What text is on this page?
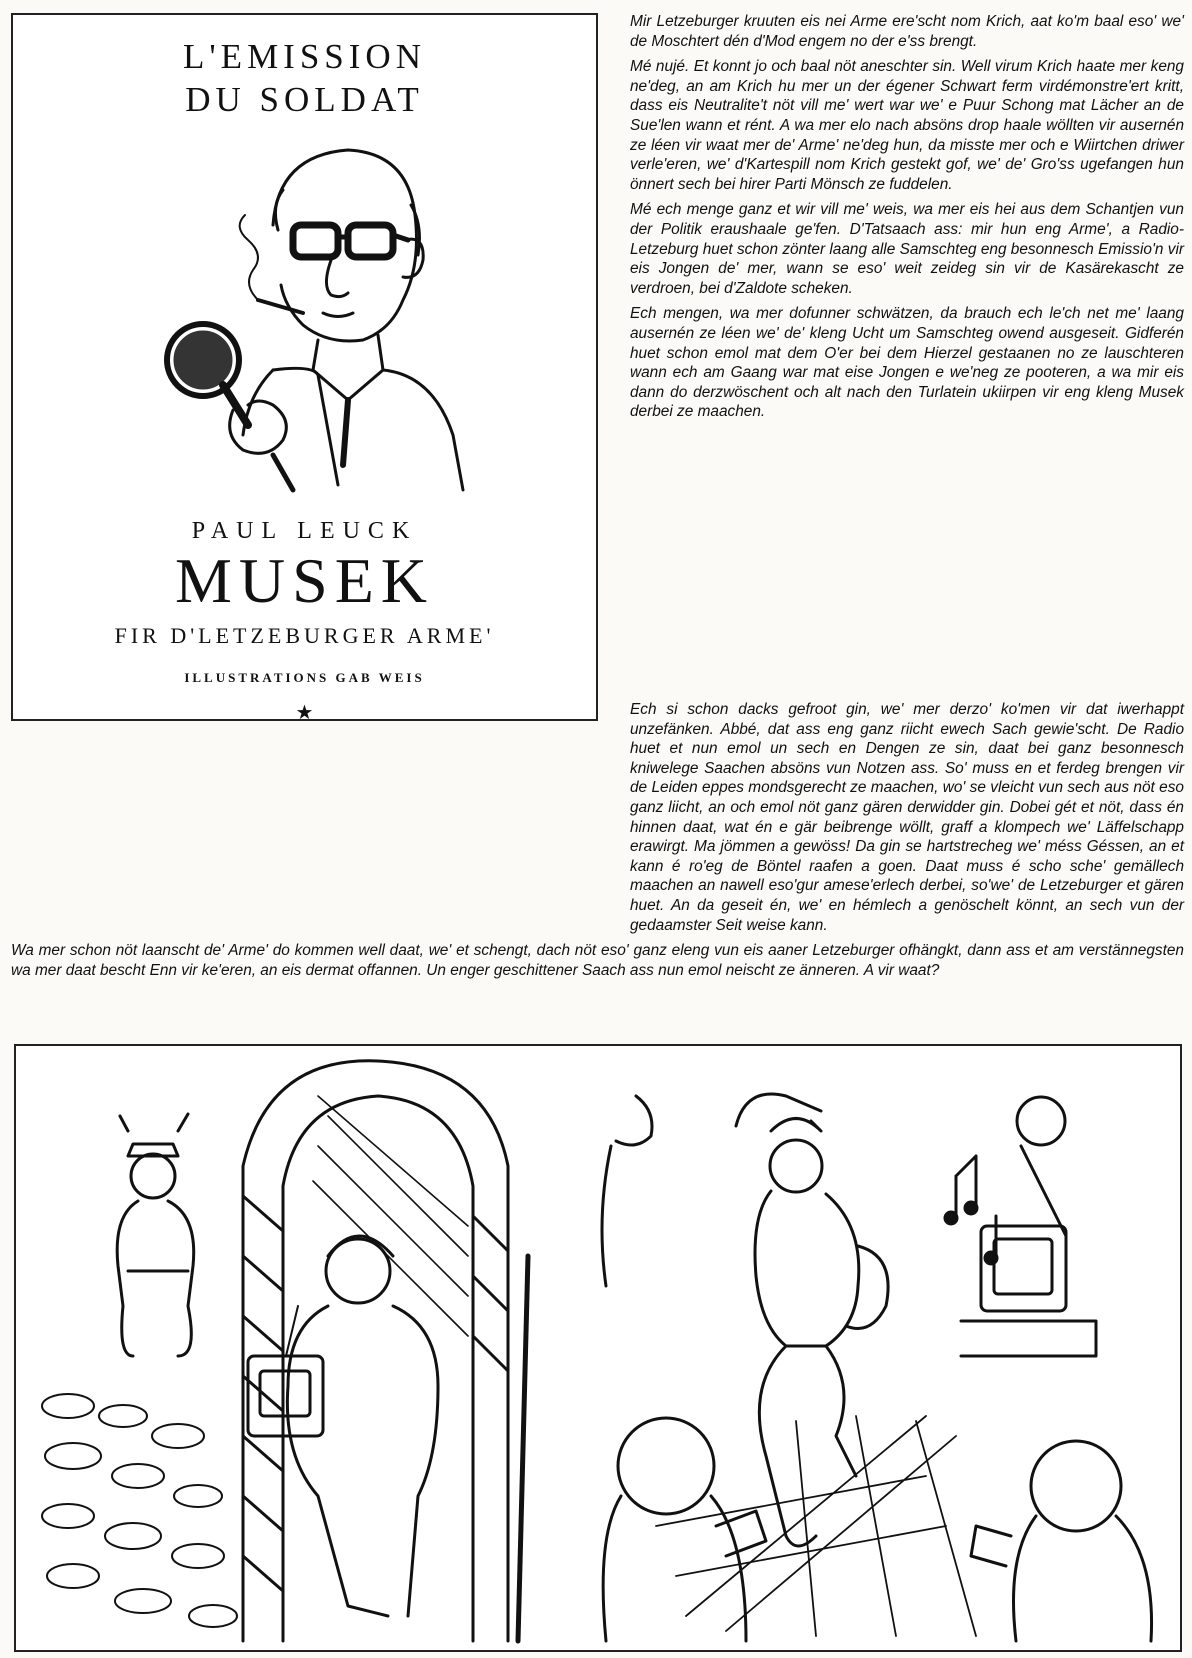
L'EMISSION
DU SOLDAT
PAUL LEUCK
MUSEK
FIR D'LETZEBURGER ARME'
ILLUSTRATIONS GAB WEIS
★

Mir Letzeburger kruuten eis nei Arme ere'scht nom Krich, aat ko'm baal eso' we' de Moschtert dén d'Mod engem no der e'ss brengt.

Mé nujé. Et konnt jo och baal nöt aneschter sin. Well virum Krich haate mer keng ne'deg, an am Krich hu mer un der égener Schwart ferm virdémonstre'ert kritt, dass eis Neutralite't nöt vill me' wert war we' e Puur Schong mat Lächer an de Sue'len wann et rént. A wa mer elo nach absöns drop haale wöllten vir ausernén ze léen vir waat mer de' Arme' ne'deg hun, da misste mer och e Wiirtchen driwer verle'eren, we' d'Kartespill nom Krich gestekt gof, we' de' Gro'ss ugefangen hun önnert sech bei hirer Parti Mönsch ze fuddelen.

Mé ech menge ganz et wir vill me' weis, wa mer eis hei aus dem Schantjen vun der Politik eraushaale ge'fen. D'Tatsaach ass: mir hun eng Arme', a Radio-Letzeburg huet schon zönter laang alle Samschteg eng besonnesch Emissio'n vir eis Jongen de' mer, wann se eso' weit zeideg sin vir de Kasärekascht ze verdroen, bei d'Zaldote scheken.

Ech mengen, wa mer dofunner schwätzen, da brauch ech le'ch net me' laang ausernén ze léen we' de' kleng Ucht um Samschteg owend ausgeseit. Gidferén huet schon emol mat dem O'er bei dem Hierzel gestaanen no ze lauschteren wann ech am Gaang war mat eise Jongen e we'neg ze pooteren, a wa mir eis dann do derzwöschent och alt nach den Turlatein ukiirpen vir eng kleng Musek derbei ze maachen.

Ech si schon dacks gefroot gin, we' mer derzo' ko'men vir dat iwerhappt unzefänken. Abbé, dat ass eng ganz riicht ewech Sach gewie'scht. De Radio huet et nun emol un sech en Dengen ze sin, daat bei ganz besonnesch kniwelege Saachen absöns vun Notzen ass. So' muss en et ferdeg brengen vir de Leiden eppes mondsgerecht ze maachen, wo' se vleicht vun sech aus nöt eso ganz liicht, an och emol nöt ganz gären derwidder gin. Dobei gét et nöt, dass én hinnen daat, wat én e gär beibrenge wöllt, graff a klompech we' Läffelschapp erawirgt. Ma jömmen a gewöss! Da gin se hartstrecheg we' méss Géssen, an et kann é ro'eg de Böntel raafen a goen. Daat muss é scho sche' gemällech maachen an nawell eso'gur amese'erlech derbei, so'we' de Letzeburger et gären huet. An da geseit én, we' en hémlech a genöschelt könnt, an sech vun der gedaamster Seit weise kann.

Wa mer schon nöt laanscht de' Arme' do kommen well daat, we' et schengt, dach nöt eso' ganz eleng vun eis aaner Letzeburger ofhängkt, dann ass et am verstännegsten wa mer daat bescht Enn vir ke'eren, an eis dermat offannen. Un enger geschittener Saach ass nun emol neischt ze änneren. A vir waat?
